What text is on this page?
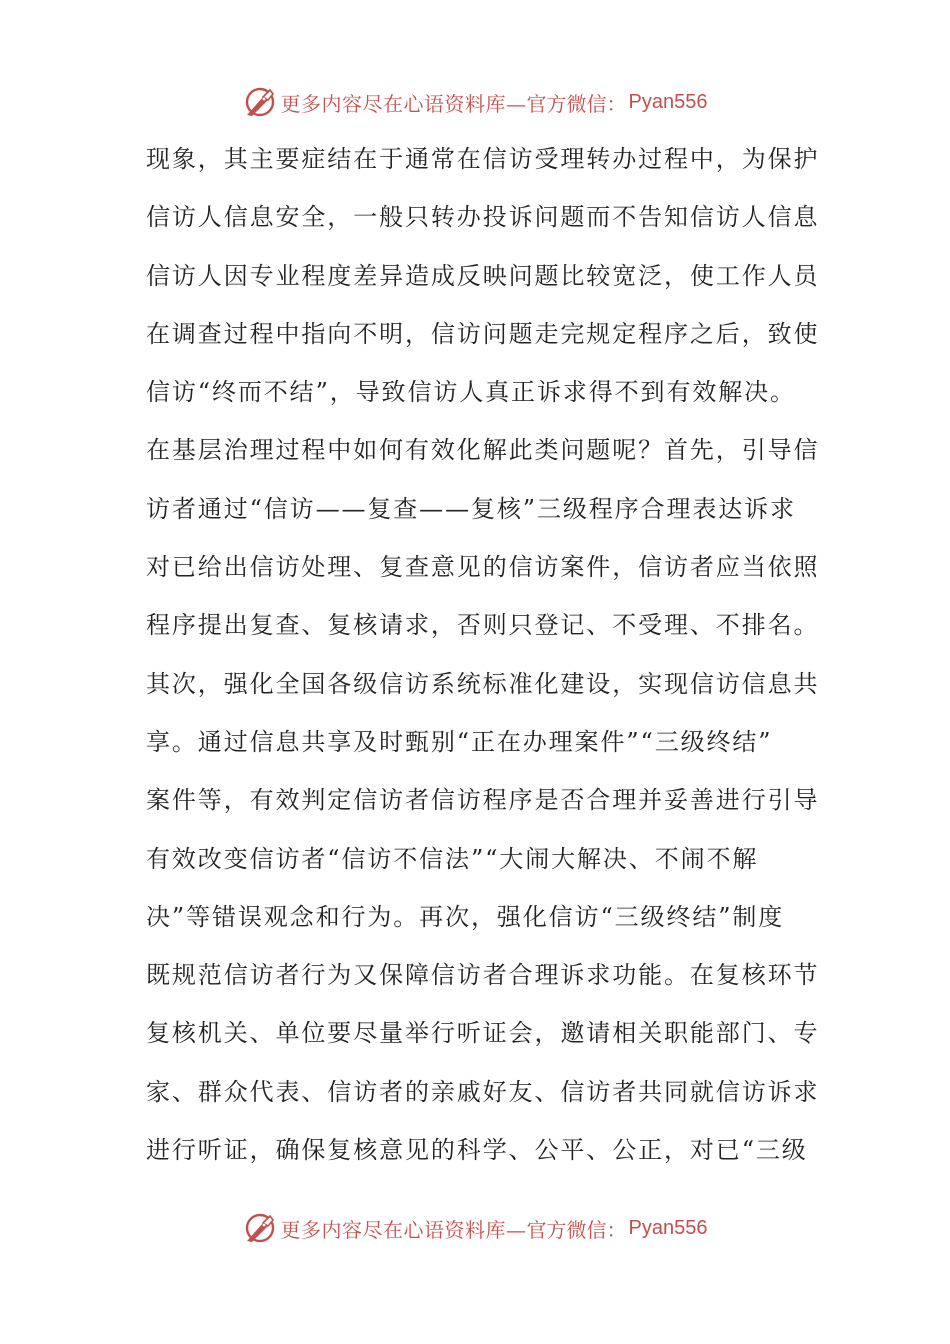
更多内容尽在心语资料库— 官方微信： Pyan556
现象，其主要症结在于通常在信访受理转办过程中，为保护
信访人信息安全，一般只转办投诉问题而不告知信访人信息
信访人因专业程度差异造成反映问题比较宽泛，使工作人员
在调查过程中指向不明，信访问题走完规定程序之后，致使
信访“终而不结”，导致信访人真正诉求得不到有效解决。
在基层治理过程中如何有效化解此类问题呢？首先，引导信
访者通过“信访——复查——复核”三级程序合理表达诉求
对已给出信访处理、复查意见的信访案件，信访者应当依照
程序提出复查、复核请求，否则只登记、不受理、不排名。
其次，强化全国各级信访系统标准化建设，实现信访信息共
享。通过信息共享及时甄别“正在办理案件”“三级终结”
案件等，有效判定信访者信访程序是否合理并妥善进行引导
有效改变信访者“信访不信法”“大闹大解决、不闹不解
决”等错误观念和行为。再次，强化信访“三级终结”制度
既规范信访者行为又保障信访者合理诉求功能。在复核环节
复核机关、单位要尽量举行听证会，邀请相关职能部门、专
家、群众代表、信访者的亲戚好友、信访者共同就信访诉求
进行听证，确保复核意见的科学、公平、公正，对已“三级
更多内容尽在心语资料库— 官方微信： Pyan556
